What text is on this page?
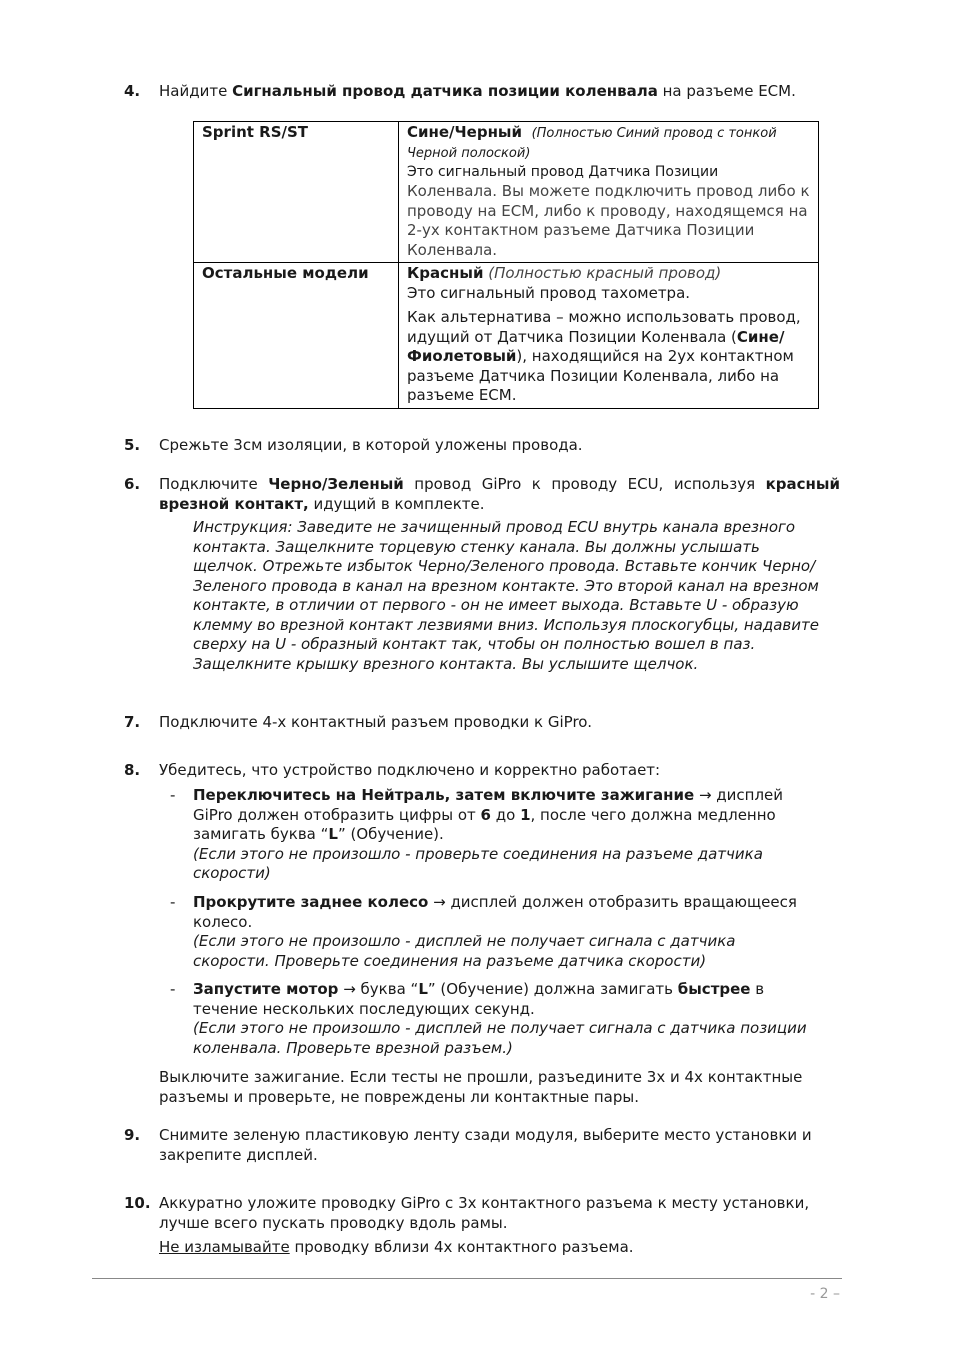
4. Найдите Сигнальный провод датчика позиции коленвала на разъеме ECM.
Sprint RS/ST	Сине/Черный (Полностью Синий провод с тонкой Черной полоской)
Это сигнальный провод Датчика Позиции
Коленвала. Вы можете подключить провод либо к проводу на ECM, либо к проводу, находящемся на 2-ух контактном разъеме Датчика Позиции Коленвала.

Остальные модели	Красный (Полностью красный провод)
Это сигнальный провод тахометра.
Как альтернатива – можно использовать провод, идущий от Датчика Позиции Коленвала (Сине/Фиолетовый), находящийся на 2ух контактном разъеме Датчика Позиции Коленвала, либо на разъеме ECM.
5. Срежьте 3см изоляции, в которой уложены провода.
6. Подключите Черно/Зеленый провод GiPro к проводу ECU, используя красный врезной контакт, идущий в комплекте.
Инструкция: Заведите не зачищенный провод ECU внутрь канала врезного контакта. Защелкните торцевую стенку канала. Вы должны услышать щелчок. Отрежьте избыток Черно/Зеленого провода. Вставьте кончик Черно/Зеленого провода в канал на врезном контакте. Это второй канал на врезном контакте, в отличии от первого - он не имеет выхода. Вставьте U - образую клемму во врезной контакт лезвиями вниз. Используя плоскогубцы, надавите сверху на U - образный контакт так, чтобы он полностью вошел в паз. Защелкните крышку врезного контакта. Вы услышите щелчок.
7. Подключите 4-х контактный разъем проводки к GiPro.
8. Убедитесь, что устройство подключено и корректно работает:
- Переключитесь на Нейтраль, затем включите зажигание → дисплей GiPro должен отобразить цифры от 6 до 1, после чего должна медленно замигать буква “L” (Обучение).
(Если этого не произошло - проверьте соединения на разъеме датчика скорости)
- Прокрутите заднее колесо → дисплей должен отобразить вращающееся колесо.
(Если этого не произошло - дисплей не получает сигнала с датчика скорости. Проверьте соединения на разъеме датчика скорости)
- Запустите мотор → буква “L” (Обучение) должна замигать быстрее в течение нескольких последующих секунд.
(Если этого не произошло - дисплей не получает сигнала с датчика позиции коленвала. Проверьте врезной разъем.)
Выключите зажигание. Если тесты не прошли, разъедините 3х и 4х контактные разъемы и проверьте, не повреждены ли контактные пары.
9. Снимите зеленую пластиковую ленту сзади модуля, выберите место установки и закрепите дисплей.
10. Аккуратно уложите проводку GiPro с 3х контактного разъема к месту установки, лучше всего пускать проводку вдоль рамы.
Не изламывайте проводку вблизи 4х контактного разъема.
- 2 –
